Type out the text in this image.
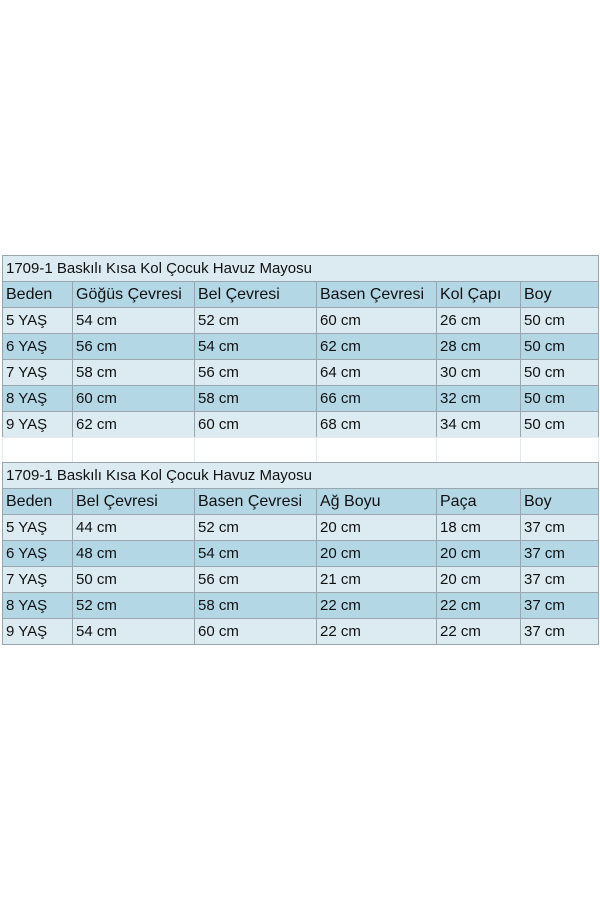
1709-1 Baskılı Kısa Kol Çocuk Havuz Mayosu					
Beden	Göğüs Çevresi	Bel Çevresi	Basen Çevresi	Kol Çapı	Boy
5 YAŞ	54 cm	52 cm	60 cm	26 cm	50 cm
6 YAŞ	56 cm	54 cm	62 cm	28 cm	50 cm
7 YAŞ	58 cm	56 cm	64 cm	30 cm	50 cm
8 YAŞ	60 cm	58 cm	66 cm	32 cm	50 cm
9 YAŞ	62 cm	60 cm	68 cm	34 cm	50 cm

1709-1 Baskılı Kısa Kol Çocuk Havuz Mayosu					
Beden	Bel Çevresi	Basen Çevresi	Ağ Boyu	Paça	Boy
5 YAŞ	44 cm	52 cm	20 cm	18 cm	37 cm
6 YAŞ	48 cm	54 cm	20 cm	20 cm	37 cm
7 YAŞ	50 cm	56 cm	21 cm	20 cm	37 cm
8 YAŞ	52 cm	58 cm	22 cm	22 cm	37 cm
9 YAŞ	54 cm	60 cm	22 cm	22 cm	37 cm
